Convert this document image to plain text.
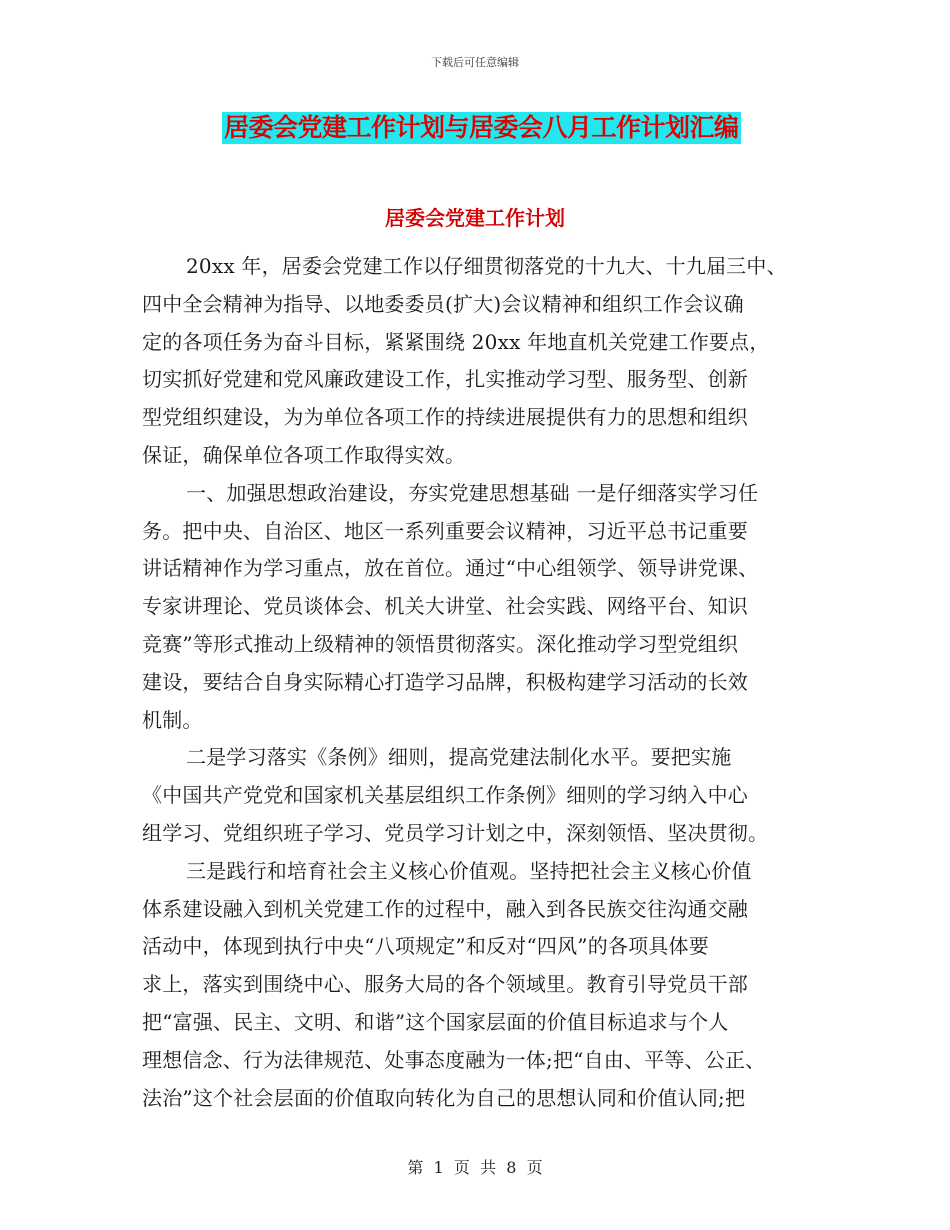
下载后可任意编辑
居委会党建工作计划与居委会八月工作计划汇编
居委会党建工作计划
20xx 年，居委会党建工作以仔细贯彻落党的十九大、十九届三中、
四中全会精神为指导、以地委委员(扩大)会议精神和组织工作会议确
定的各项任务为奋斗目标，紧紧围绕 20xx 年地直机关党建工作要点，
切实抓好党建和党风廉政建设工作，扎实推动学习型、服务型、创新
型党组织建设，为为单位各项工作的持续进展提供有力的思想和组织
保证，确保单位各项工作取得实效。
一、加强思想政治建设，夯实党建思想基础 一是仔细落实学习任
务。把中央、自治区、地区一系列重要会议精神，习近平总书记重要
讲话精神作为学习重点，放在首位。通过“中心组领学、领导讲党课、
专家讲理论、党员谈体会、机关大讲堂、社会实践、网络平台、知识
竞赛”等形式推动上级精神的领悟贯彻落实。深化推动学习型党组织
建设，要结合自身实际精心打造学习品牌，积极构建学习活动的长效
机制。
二是学习落实《条例》细则，提高党建法制化水平。要把实施
《中国共产党党和国家机关基层组织工作条例》细则的学习纳入中心
组学习、党组织班子学习、党员学习计划之中，深刻领悟、坚决贯彻。
三是践行和培育社会主义核心价值观。坚持把社会主义核心价值
体系建设融入到机关党建工作的过程中，融入到各民族交往沟通交融
活动中，体现到执行中央“八项规定”和反对“四风”的各项具体要
求上，落实到围绕中心、服务大局的各个领域里。教育引导党员干部
把“富强、民主、文明、和谐”这个国家层面的价值目标追求与个人
理想信念、行为法律规范、处事态度融为一体;把“自由、平等、公正、
法治”这个社会层面的价值取向转化为自己的思想认同和价值认同;把
第  1  页  共  8  页
